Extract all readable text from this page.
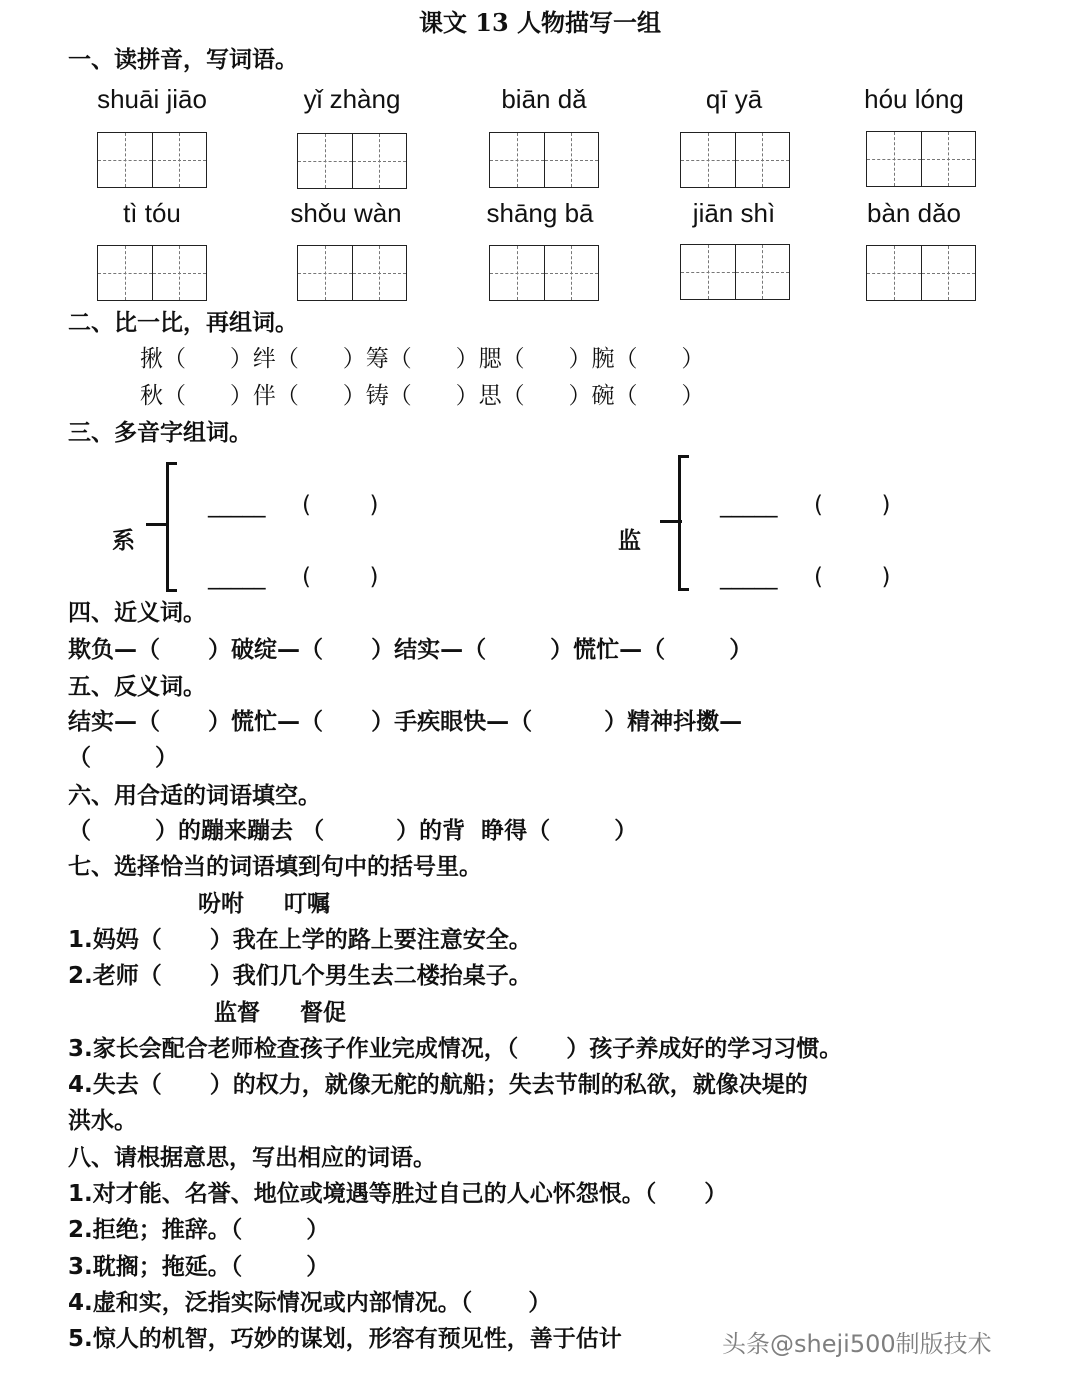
课文 13 人物描写一组
一、读拼音，写词语。
shuāi jiāo	yǐ zhàng	biān dǎ	qī yā	hóu lóng
tì tóu	shǒu wàn	shāng bā	jiān shì	bàn dǎo
二、比一比，再组词。
揪（      ）绊（      ）筹（      ）腮（      ）腕（      ）
秋（      ）伴（      ）铸（      ）思（      ）碗（      ）
三、多音字组词。
系
_____     (        )
_____     (        )
监
_____     (        )
_____     (        )
四、近义词。
欺负—（      ）破绽—（      ）结实—（        ）慌忙—（        ）
五、反义词。
结实—（      ）慌忙—（      ）手疾眼快—（         ）精神抖擞—
（        ）
六、用合适的词语填空。
（        ）的蹦来蹦去 （         ）的背  睁得（        ）
七、选择恰当的词语填到句中的括号里。
吩咐     叮嘱
1.妈妈（      ）我在上学的路上要注意安全。
2.老师（      ）我们几个男生去二楼抬桌子。
监督     督促
3.家长会配合老师检查孩子作业完成情况，（      ）孩子养成好的学习习惯。
4.失去（      ）的权力，就像无舵的航船；失去节制的私欲，就像决堤的
洪水。
八、请根据意思，写出相应的词语。
1.对才能、名誉、地位或境遇等胜过自己的人心怀怨恨。（      ）
2.拒绝；推辞。（        ）
3.耽搁；拖延。（        ）
4.虚和实，泛指实际情况或内部情况。（       ）
5.惊人的机智，巧妙的谋划，形容有预见性，善于估计	头条@sheji500制版技术
